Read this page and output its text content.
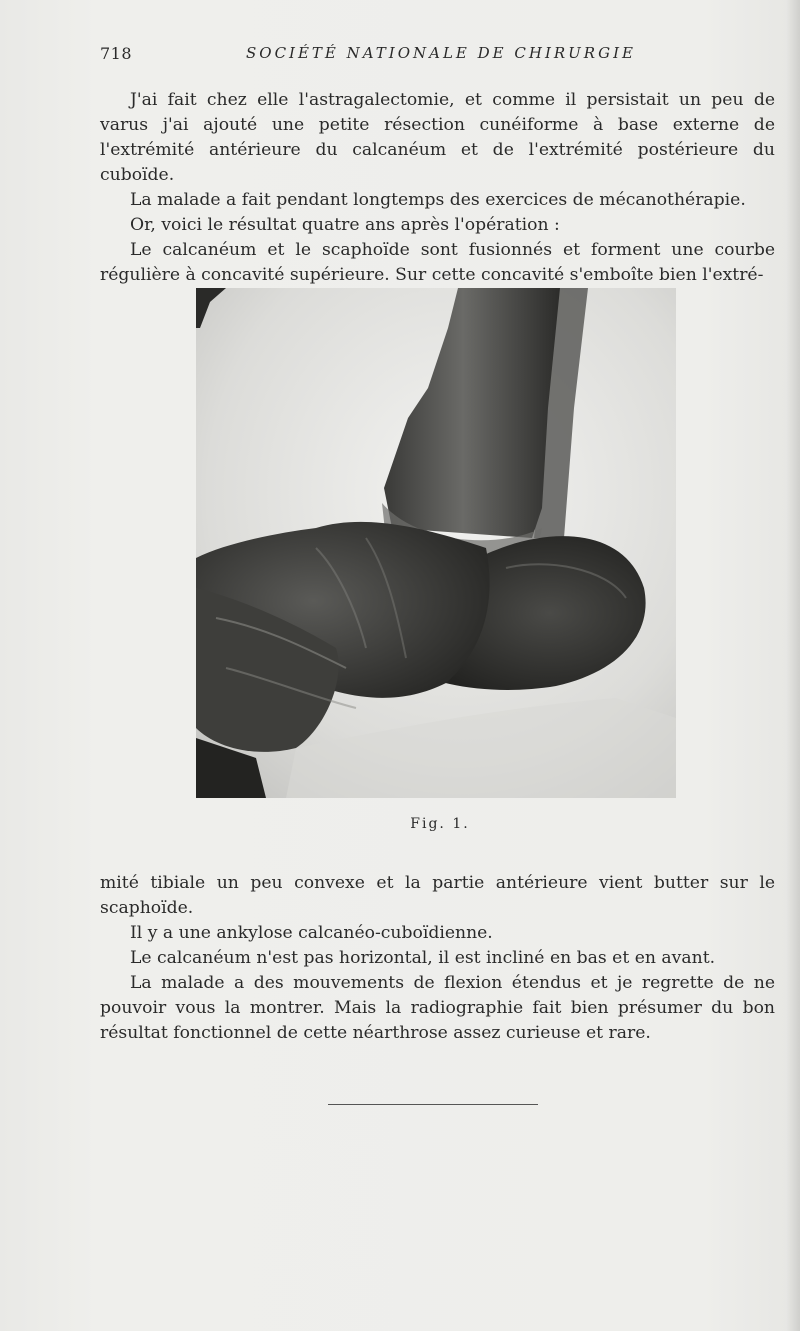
718	SOCIÉTÉ NATIONALE DE CHIRURGIE

J'ai fait chez elle l'astragalectomie, et comme il persistait un peu de varus j'ai ajouté une petite résection cunéiforme à base externe de l'extrémité antérieure du calcanéum et de l'extrémité postérieure du cuboïde.

La malade a fait pendant longtemps des exercices de mécanothérapie.

Or, voici le résultat quatre ans après l'opération :

Le calcanéum et le scaphoïde sont fusionnés et forment une courbe régulière à concavité supérieure. Sur cette concavité s'emboîte bien l'extré-

Fig. 1.

mité tibiale un peu convexe et la partie antérieure vient butter sur le scaphoïde.

Il y a une ankylose calcanéo-cuboïdienne.

Le calcanéum n'est pas horizontal, il est incliné en bas et en avant.

La malade a des mouvements de flexion étendus et je regrette de ne pouvoir vous la montrer. Mais la radiographie fait bien présumer du bon résultat fonctionnel de cette néarthrose assez curieuse et rare.
